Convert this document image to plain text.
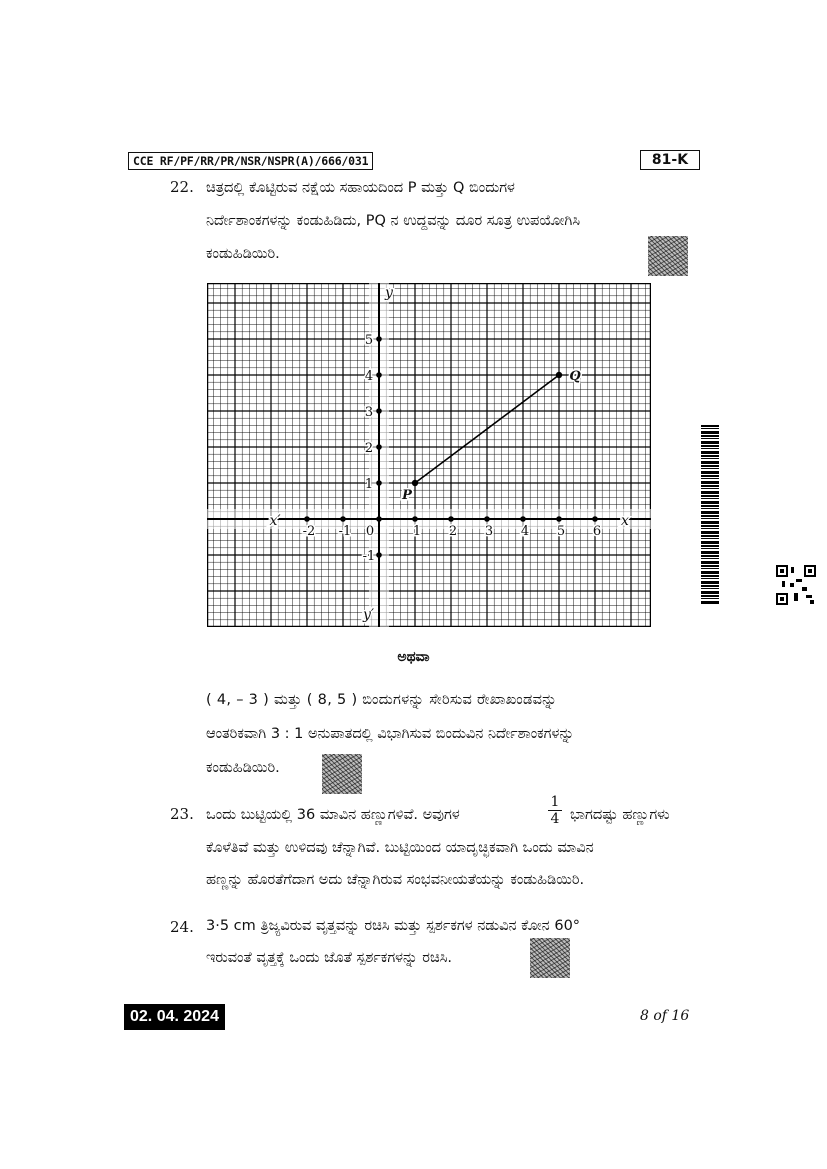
CCE RF/PF/RR/PR/NSR/NSPR(A)/666/031	81-K
22. ಚಿತ್ರದಲ್ಲಿ ಕೊಟ್ಟಿರುವ ನಕ್ಷೆಯ ಸಹಾಯದಿಂದ P ಮತ್ತು Q ಬಿಂದುಗಳ
ನಿರ್ದೇಶಾಂಕಗಳನ್ನು ಕಂಡುಹಿಡಿದು, PQ ನ ಉದ್ದವನ್ನು ದೂರ ಸೂತ್ರ ಉಪಯೋಗಿಸಿ
ಕಂಡುಹಿಡಿಯಿರಿ.
-2 -1 0	1 2 3 4 5 6
x
x′
5
4
3
2
1
-1
y
y′
P
Q
ಅಥವಾ
( 4, – 3 ) ಮತ್ತು ( 8, 5 ) ಬಿಂದುಗಳನ್ನು ಸೇರಿಸುವ ರೇಖಾಖಂಡವನ್ನು
ಆಂತರಿಕವಾಗಿ 3 : 1 ಅನುಪಾತದಲ್ಲಿ ವಿಭಾಗಿಸುವ ಬಿಂದುವಿನ ನಿರ್ದೇಶಾಂಕಗಳನ್ನು
ಕಂಡುಹಿಡಿಯಿರಿ.
23. ಒಂದು ಬುಟ್ಟಿಯಲ್ಲಿ 36 ಮಾವಿನ ಹಣ್ಣುಗಳಿವೆ. ಅವುಗಳ	$\frac{1}{4}$ ಭಾಗದಷ್ಟು ಹಣ್ಣುಗಳು
ಕೊಳೆತಿವೆ ಮತ್ತು ಉಳಿದವು ಚೆನ್ನಾಗಿವೆ. ಬುಟ್ಟಿಯಿಂದ ಯಾದೃಚ್ಛಿಕವಾಗಿ ಒಂದು ಮಾವಿನ
ಹಣ್ಣನ್ನು ಹೊರತೆಗೆದಾಗ ಅದು ಚೆನ್ನಾಗಿರುವ ಸಂಭವನೀಯತೆಯನ್ನು ಕಂಡುಹಿಡಿಯಿರಿ.
24. 3·5 cm ತ್ರಿಜ್ಯವಿರುವ ವೃತ್ತವನ್ನು ರಚಿಸಿ ಮತ್ತು ಸ್ಪರ್ಶಕಗಳ ನಡುವಿನ ಕೋನ 60°
ಇರುವಂತೆ ವೃತ್ತಕ್ಕೆ ಒಂದು ಜೊತೆ ಸ್ಪರ್ಶಕಗಳನ್ನು ರಚಿಸಿ.
02. 04. 2024	8 of 16
